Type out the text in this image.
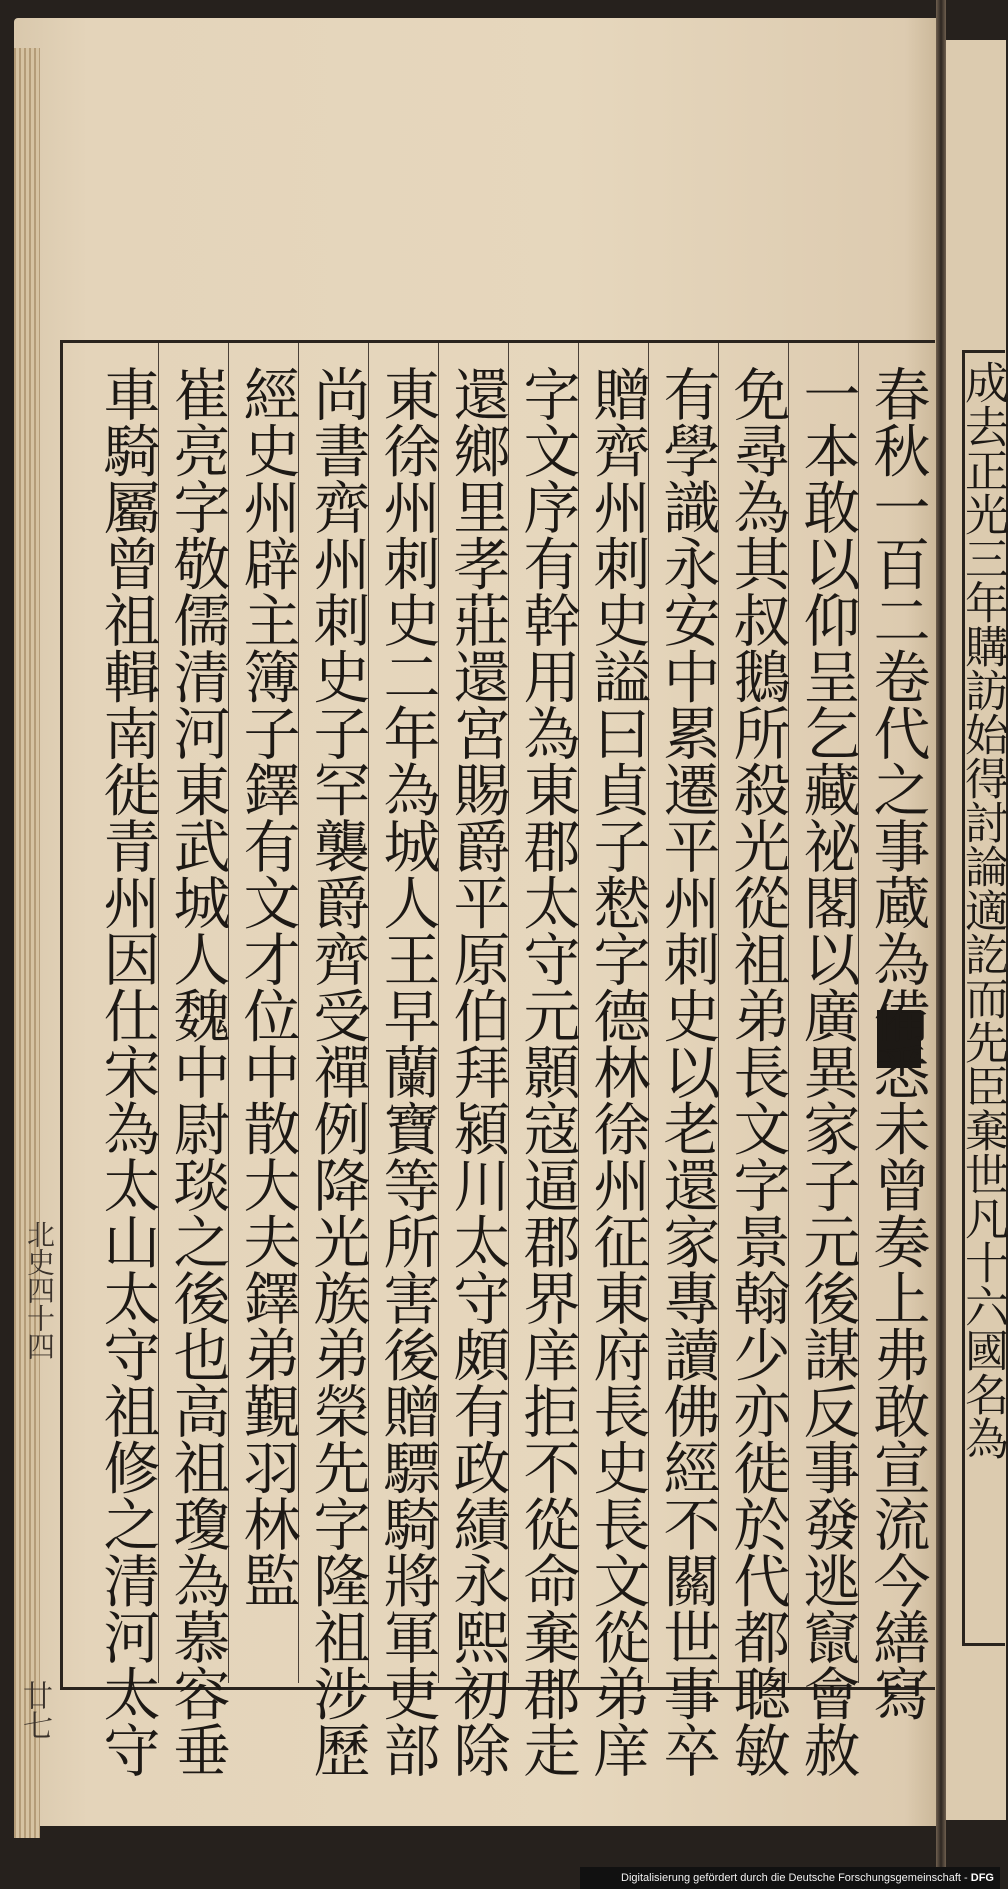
春秋一百二卷代之事蔵為備悉未曾奏上弗敢宣流今繕寫
一本敢以仰呈乞藏祕閣以廣異家子元後謀反事發逃竄會赦
免尋為其叔鵝所殺光從祖弟長文字景翰少亦徙於代都聰敏
有學識永安中累遷平州刺史以老還家專讀佛經不關世事卒
贈齊州刺史謚曰貞子慭字德林徐州征東府長史長文從弟庠
字文序有幹用為東郡太守元顥寇逼郡界庠拒不從命棄郡走
還鄉里孝莊還宮賜爵平原伯拜潁川太守頗有政績永熙初除
東徐州刺史二年為城人王早蘭寶等所害後贈驃騎將軍吏部
尚書齊州刺史子罕襲爵齊受禪例降光族弟榮先字隆祖涉歷
經史州辟主簿子鐸有文才位中散大夫鐸弟覲羽林監
崔亮字敬儒清河東武城人魏中尉琰之後也高祖瓊為慕容垂
車騎屬曾祖輯南徙青州因仕宋為太山太守祖修之清河太守
北史四十四
廿七
成去正光三年購訪始得討論適訖而先臣棄世凡十六國名為
Digitalisierung gefördert durch die Deutsche Forschungsgemeinschaft - DFG
